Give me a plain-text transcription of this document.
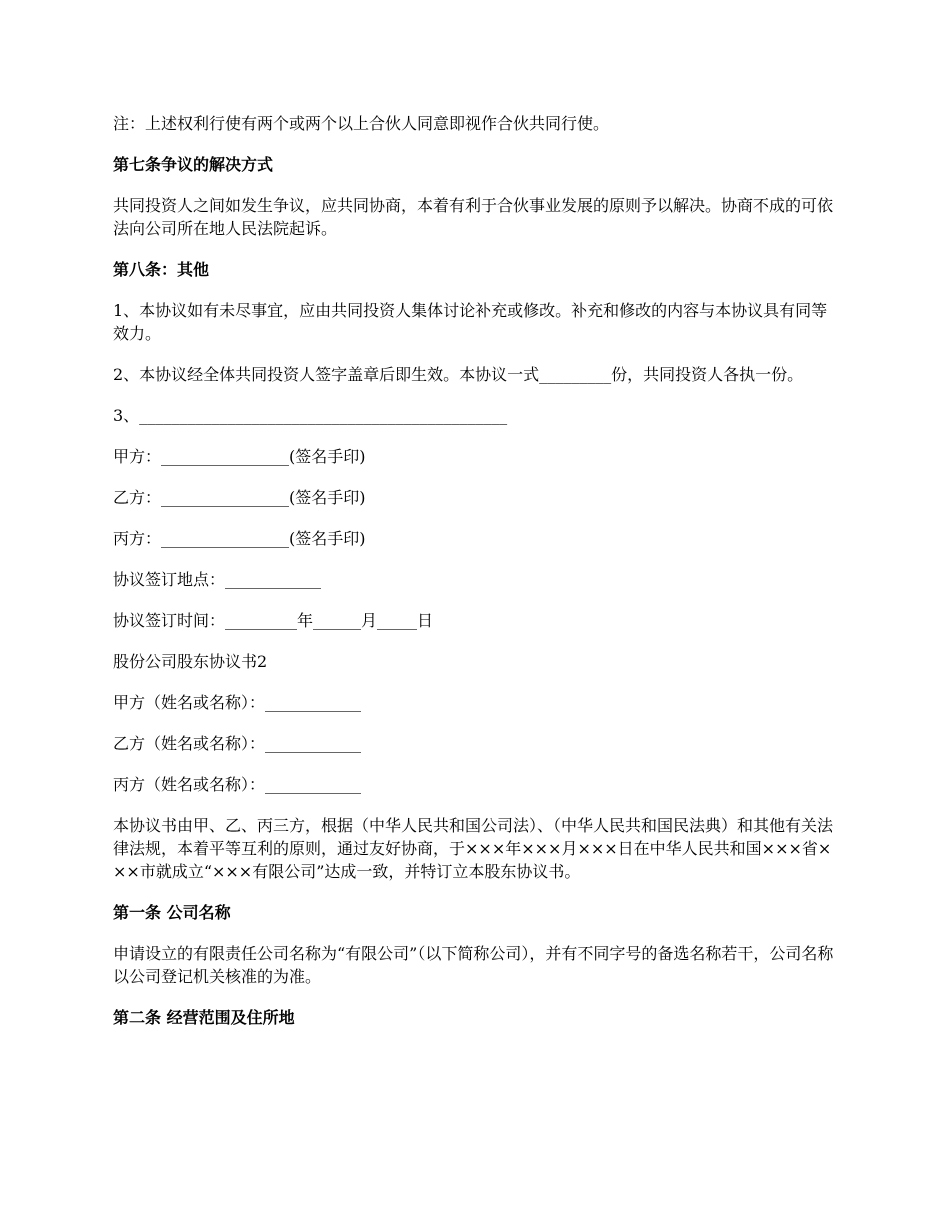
注：上述权利行使有两个或两个以上合伙人同意即视作合伙共同行使。

第七条争议的解决方式

共同投资人之间如发生争议，应共同协商，本着有利于合伙事业发展的原则予以解决。协商不成的可依法向公司所在地人民法院起诉。

第八条：其他

1、本协议如有未尽事宜，应由共同投资人集体讨论补充或修改。补充和修改的内容与本协议具有同等效力。

2、本协议经全体共同投资人签字盖章后即生效。本协议一式_________份，共同投资人各执一份。

3、______________________________________________

甲方：________________(签名手印)

乙方：________________(签名手印)

丙方：________________(签名手印)

协议签订地点：____________

协议签订时间：_________年______月_____日

股份公司股东协议书2

甲方（姓名或名称）：____________

乙方（姓名或名称）：____________

丙方（姓名或名称）：____________

本协议书由甲、乙、丙三方，根据（中华人民共和国公司法）、（中华人民共和国民法典）和其他有关法律法规，本着平等互利的原则，通过友好协商，于×××年×××月×××日在中华人民共和国×××省×××市就成立“×××有限公司”达成一致，并特订立本股东协议书。

第一条 公司名称

申请设立的有限责任公司名称为“有限公司”（以下简称公司），并有不同字号的备选名称若干，公司名称以公司登记机关核准的为准。

第二条 经营范围及住所地
